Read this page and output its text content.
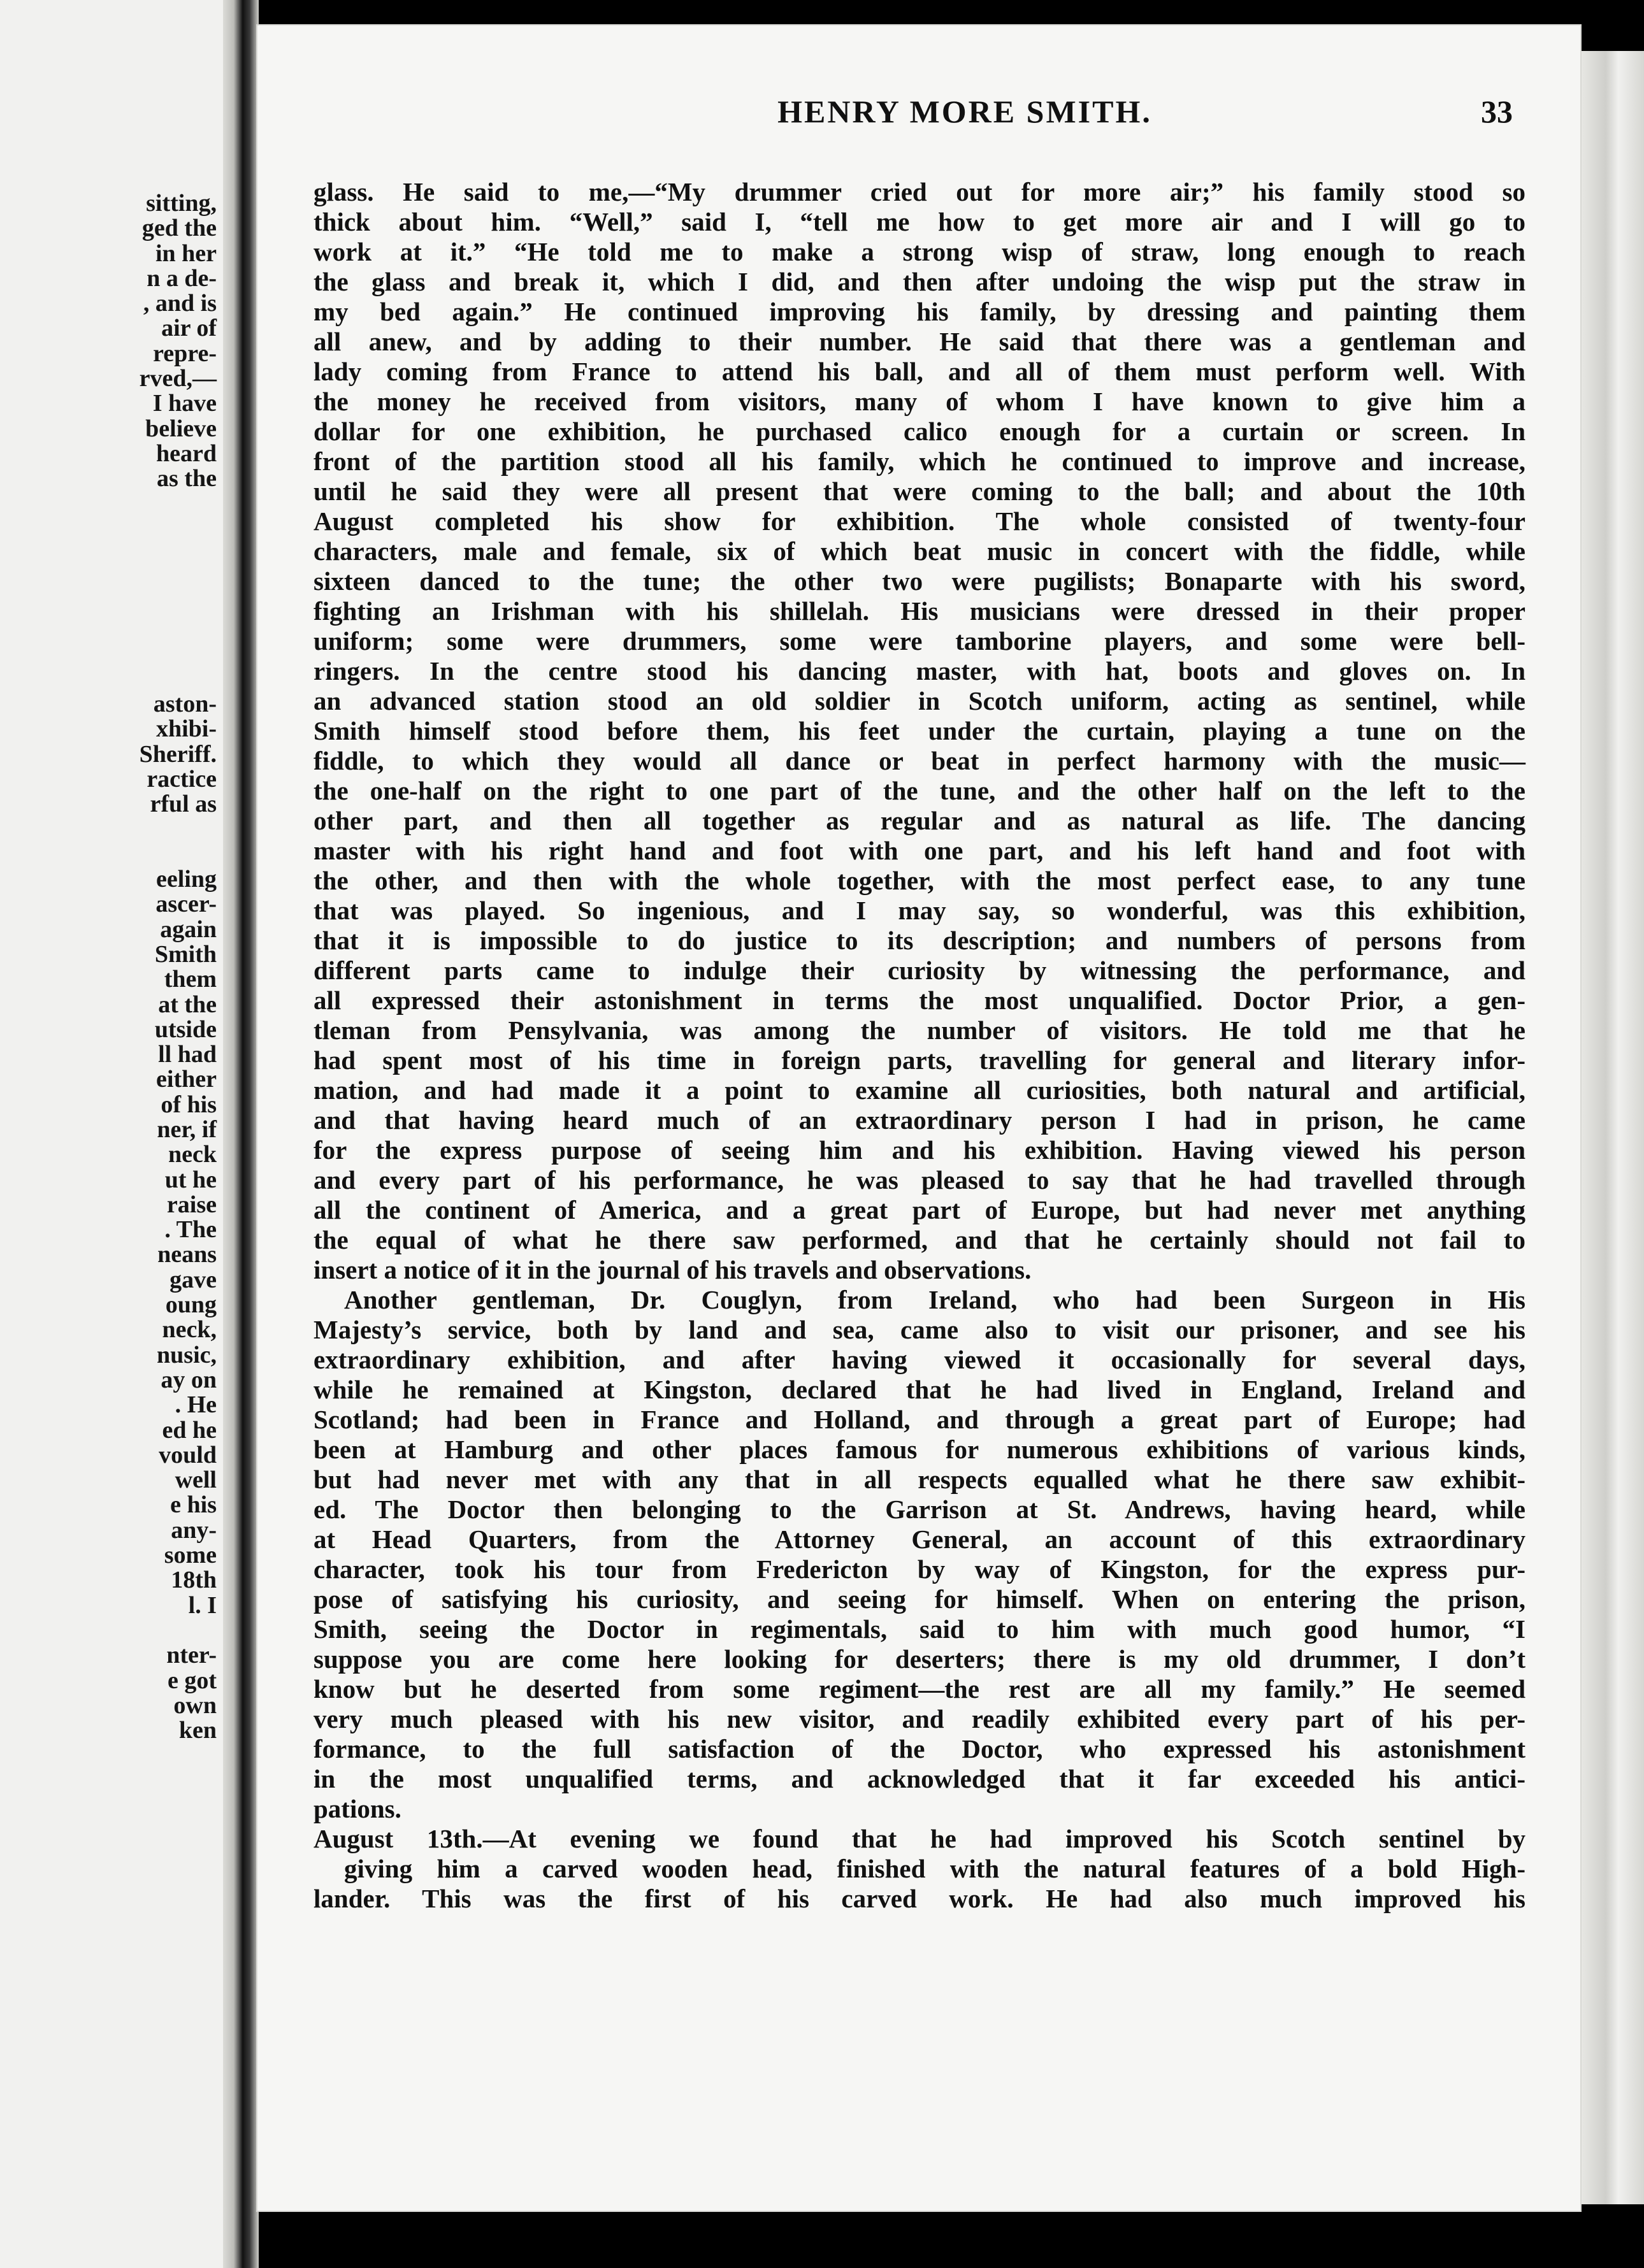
sitting,
ged the
in her
n a de-
, and is
air of
repre-
rved,—
I have
believe
heard
as the
aston-
xhibi-
Sheriff.
ractice
rful as
eeling
ascer-
again
Smith
them
at the
utside
ll had
either
of his
ner, if
neck
ut he
raise
. The
neans
gave
oung
neck,
nusic,
ay on
. He
ed he
vould
well
e his
any-
some
18th
l. I
nter-
e got
own
ken
HENRY MORE SMITH.	33
glass. He said to me,—“My drummer cried out for more air;” his family stood so
thick about him. “Well,” said I, “tell me how to get more air and I will go to
work at it.” “He told me to make a strong wisp of straw, long enough to reach
the glass and break it, which I did, and then after undoing the wisp put the straw in
my bed again.” He continued improving his family, by dressing and painting them
all anew, and by adding to their number. He said that there was a gentleman and
lady coming from France to attend his ball, and all of them must perform well. With
the money he received from visitors, many of whom I have known to give him a
dollar for one exhibition, he purchased calico enough for a curtain or screen. In
front of the partition stood all his family, which he continued to improve and increase,
until he said they were all present that were coming to the ball; and about the 10th
August completed his show for exhibition. The whole consisted of twenty-four
characters, male and female, six of which beat music in concert with the fiddle, while
sixteen danced to the tune; the other two were pugilists; Bonaparte with his sword,
fighting an Irishman with his shillelah. His musicians were dressed in their proper
uniform; some were drummers, some were tamborine players, and some were bell-
ringers. In the centre stood his dancing master, with hat, boots and gloves on. In
an advanced station stood an old soldier in Scotch uniform, acting as sentinel, while
Smith himself stood before them, his feet under the curtain, playing a tune on the
fiddle, to which they would all dance or beat in perfect harmony with the music—
the one-half on the right to one part of the tune, and the other half on the left to the
other part, and then all together as regular and as natural as life. The dancing
master with his right hand and foot with one part, and his left hand and foot with
the other, and then with the whole together, with the most perfect ease, to any tune
that was played. So ingenious, and I may say, so wonderful, was this exhibition,
that it is impossible to do justice to its description; and numbers of persons from
different parts came to indulge their curiosity by witnessing the performance, and
all expressed their astonishment in terms the most unqualified. Doctor Prior, a gen-
tleman from Pensylvania, was among the number of visitors. He told me that he
had spent most of his time in foreign parts, travelling for general and literary infor-
mation, and had made it a point to examine all curiosities, both natural and artificial,
and that having heard much of an extraordinary person I had in prison, he came
for the express purpose of seeing him and his exhibition. Having viewed his person
and every part of his performance, he was pleased to say that he had travelled through
all the continent of America, and a great part of Europe, but had never met anything
the equal of what he there saw performed, and that he certainly should not fail to
insert a notice of it in the journal of his travels and observations.
Another gentleman, Dr. Couglyn, from Ireland, who had been Surgeon in His
Majesty’s service, both by land and sea, came also to visit our prisoner, and see his
extraordinary exhibition, and after having viewed it occasionally for several days,
while he remained at Kingston, declared that he had lived in England, Ireland and
Scotland; had been in France and Holland, and through a great part of Europe; had
been at Hamburg and other places famous for numerous exhibitions of various kinds,
but had never met with any that in all respects equalled what he there saw exhibit-
ed. The Doctor then belonging to the Garrison at St. Andrews, having heard, while
at Head Quarters, from the Attorney General, an account of this extraordinary
character, took his tour from Fredericton by way of Kingston, for the express pur-
pose of satisfying his curiosity, and seeing for himself. When on entering the prison,
Smith, seeing the Doctor in regimentals, said to him with much good humor, “I
suppose you are come here looking for deserters; there is my old drummer, I don’t
know but he deserted from some regiment—the rest are all my family.” He seemed
very much pleased with his new visitor, and readily exhibited every part of his per-
formance, to the full satisfaction of the Doctor, who expressed his astonishment
in the most unqualified terms, and acknowledged that it far exceeded his antici-
pations.
August 13th.—At evening we found that he had improved his Scotch sentinel by
giving him a carved wooden head, finished with the natural features of a bold High-
lander. This was the first of his carved work. He had also much improved his
